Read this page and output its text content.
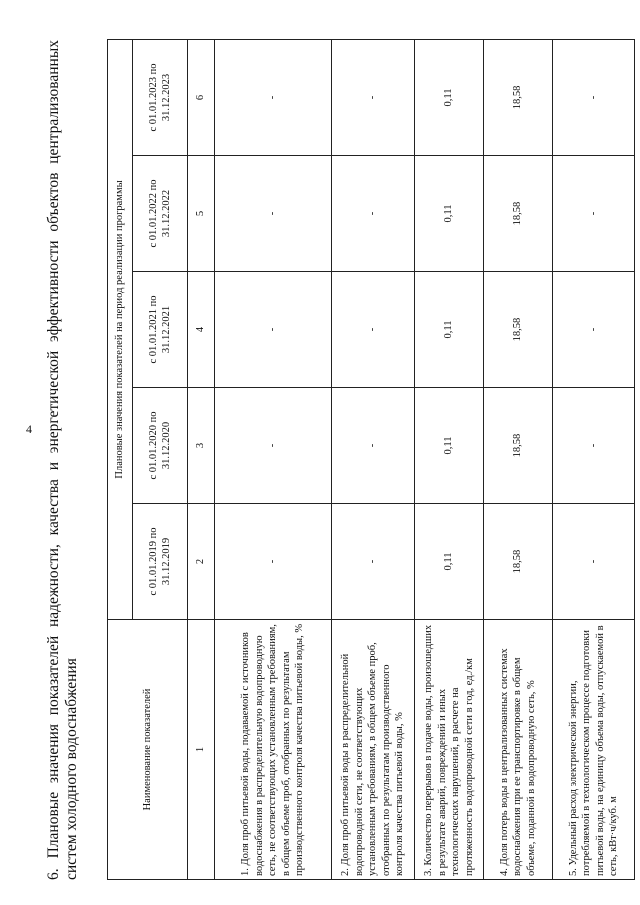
4
6.Плановые значения показателей надежности, качества и энергетической эффективности объектов централизованных систем холодного водоснабжения	Наименование показателей	Плановые значения показателей на период реализации программы				
	с 01.01.2019 по 31.12.2019	с 01.01.2020 по 31.12.2020	с 01.01.2021 по 31.12.2021	с 01.01.2022 по 31.12.2022	с 01.01.2023 по 31.12.2023
1	2	3	4	5	6
1. Доля проб питьевой воды, подаваемой с источников водоснабжения в распределительную водопроводную сеть, не соответствующих установленным требованиям, в общем объеме проб, отобранных по результатам производственного контроля качества питьевой воды, %	-	-	-	-	-
2. Доля проб питьевой воды в распределительной водопроводной сети, не соответствующих установленным требованиям, в общем объеме проб, отобранных по результатам производственного контроля качества питьевой воды, %	-	-	-	-	-
3. Количество перерывов в подаче воды, произошедших в результате аварий, повреждений и иных технологических нарушений, в расчете на протяженность водопроводной сети в год, ед./км	0,11	0,11	0,11	0,11	0,11
4. Доля потерь воды в централизованных системах водоснабжения при ее транспортировке в общем объеме, поданной в водопроводную сеть, %	18,58	18,58	18,58	18,58	18,58
5. Удельный расход электрической энергии, потребляемой в технологическом процессе подготовки питьевой воды, на единицу объема воды, отпускаемой в сеть, кВт·ч/куб. м	-	-	-	-	-
